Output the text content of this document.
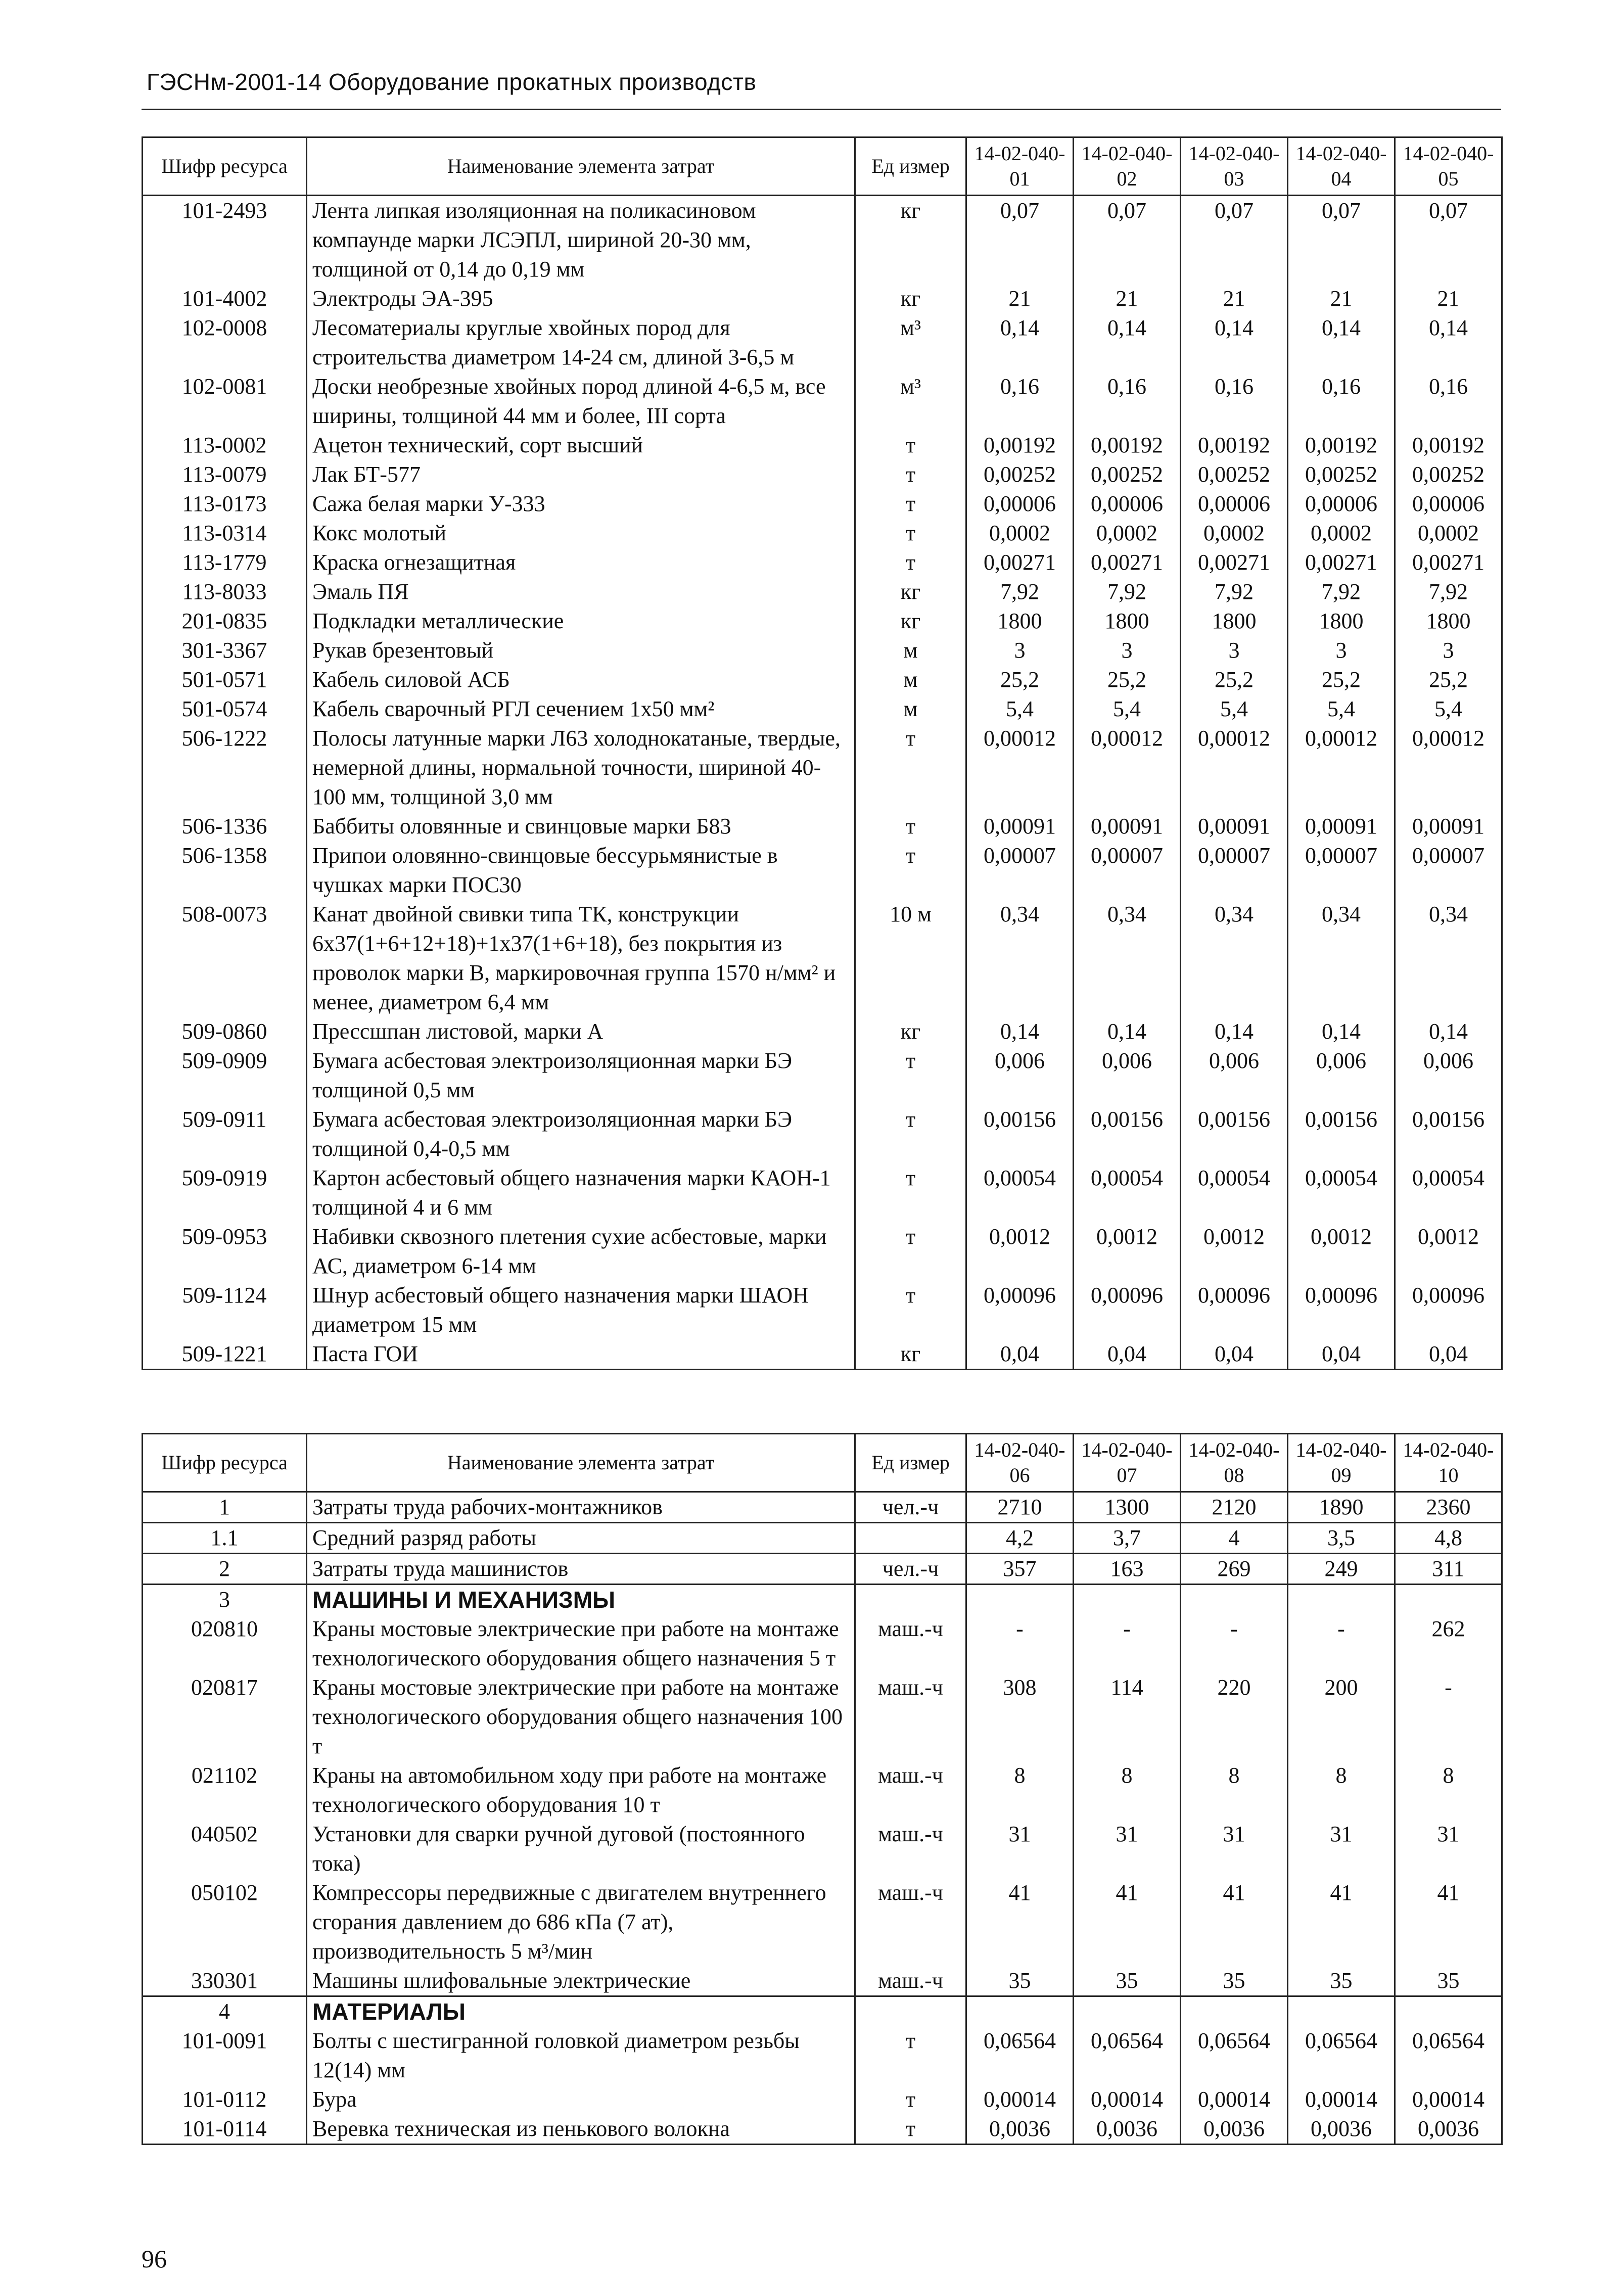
ГЭСНм-2001-14 Оборудование прокатных производств
Шифр ресурса	Наименование элемента затрат	Ед измер	14-02-040-01	14-02-040-02	14-02-040-03	14-02-040-04	14-02-040-05
101-2493	Лента липкая изоляционная на поликасиновом компаунде марки ЛСЭПЛ, шириной 20-30 мм, толщиной от 0,14 до 0,19 мм	кг	0,07	0,07	0,07	0,07	0,07
101-4002	Электроды ЭА-395	кг	21	21	21	21	21
102-0008	Лесоматериалы круглые хвойных пород для строительства диаметром 14-24 см, длиной 3-6,5 м	м³	0,14	0,14	0,14	0,14	0,14
102-0081	Доски необрезные хвойных пород длиной 4-6,5 м, все ширины, толщиной 44 мм и более, III сорта	м³	0,16	0,16	0,16	0,16	0,16
113-0002	Ацетон технический, сорт высший	т	0,00192	0,00192	0,00192	0,00192	0,00192
113-0079	Лак БТ-577	т	0,00252	0,00252	0,00252	0,00252	0,00252
113-0173	Сажа белая марки У-333	т	0,00006	0,00006	0,00006	0,00006	0,00006
113-0314	Кокс молотый	т	0,0002	0,0002	0,0002	0,0002	0,0002
113-1779	Краска огнезащитная	т	0,00271	0,00271	0,00271	0,00271	0,00271
113-8033	Эмаль ПЯ	кг	7,92	7,92	7,92	7,92	7,92
201-0835	Подкладки металлические	кг	1800	1800	1800	1800	1800
301-3367	Рукав брезентовый	м	3	3	3	3	3
501-0571	Кабель силовой АСБ	м	25,2	25,2	25,2	25,2	25,2
501-0574	Кабель сварочный РГЛ сечением 1х50 мм²	м	5,4	5,4	5,4	5,4	5,4
506-1222	Полосы латунные марки Л63 холоднокатаные, твердые, немерной длины, нормальной точности, шириной 40-100 мм, толщиной 3,0 мм	т	0,00012	0,00012	0,00012	0,00012	0,00012
506-1336	Баббиты оловянные и свинцовые марки Б83	т	0,00091	0,00091	0,00091	0,00091	0,00091
506-1358	Припои оловянно-свинцовые бессурьмянистые в чушках марки ПОС30	т	0,00007	0,00007	0,00007	0,00007	0,00007
508-0073	Канат двойной свивки типа ТК, конструкции 6х37(1+6+12+18)+1х37(1+6+18), без покрытия из проволок марки В, маркировочная группа 1570 н/мм² и менее, диаметром 6,4 мм	10 м	0,34	0,34	0,34	0,34	0,34
509-0860	Прессшпан листовой, марки А	кг	0,14	0,14	0,14	0,14	0,14
509-0909	Бумага асбестовая электроизоляционная марки БЭ толщиной 0,5 мм	т	0,006	0,006	0,006	0,006	0,006
509-0911	Бумага асбестовая электроизоляционная марки БЭ толщиной 0,4-0,5 мм	т	0,00156	0,00156	0,00156	0,00156	0,00156
509-0919	Картон асбестовый общего назначения марки КАОН-1 толщиной 4 и 6 мм	т	0,00054	0,00054	0,00054	0,00054	0,00054
509-0953	Набивки сквозного плетения сухие асбестовые, марки АС, диаметром 6-14 мм	т	0,0012	0,0012	0,0012	0,0012	0,0012
509-1124	Шнур асбестовый общего назначения марки ШАОН диаметром 15 мм	т	0,00096	0,00096	0,00096	0,00096	0,00096
509-1221	Паста ГОИ	кг	0,04	0,04	0,04	0,04	0,04
Шифр ресурса	Наименование элемента затрат	Ед измер	14-02-040-06	14-02-040-07	14-02-040-08	14-02-040-09	14-02-040-10
1	Затраты труда рабочих-монтажников	чел.-ч	2710	1300	2120	1890	2360
1.1	Средний разряд работы		4,2	3,7	4	3,5	4,8
2	Затраты труда машинистов	чел.-ч	357	163	269	249	311
3	МАШИНЫ И МЕХАНИЗМЫ						
020810	Краны мостовые электрические при работе на монтаже технологического оборудования общего назначения 5 т	маш.-ч	-	-	-	-	262
020817	Краны мостовые электрические при работе на монтаже технологического оборудования общего назначения 100 т	маш.-ч	308	114	220	200	-
021102	Краны на автомобильном ходу при работе на монтаже технологического оборудования 10 т	маш.-ч	8	8	8	8	8
040502	Установки для сварки ручной дуговой (постоянного тока)	маш.-ч	31	31	31	31	31
050102	Компрессоры передвижные с двигателем внутреннего сгорания давлением до 686 кПа (7 ат), производительность 5 м³/мин	маш.-ч	41	41	41	41	41
330301	Машины шлифовальные электрические	маш.-ч	35	35	35	35	35
4	МАТЕРИАЛЫ						
101-0091	Болты с шестигранной головкой диаметром резьбы 12(14) мм	т	0,06564	0,06564	0,06564	0,06564	0,06564
101-0112	Бура	т	0,00014	0,00014	0,00014	0,00014	0,00014
101-0114	Веревка техническая из пенькового волокна	т	0,0036	0,0036	0,0036	0,0036	0,0036
96
